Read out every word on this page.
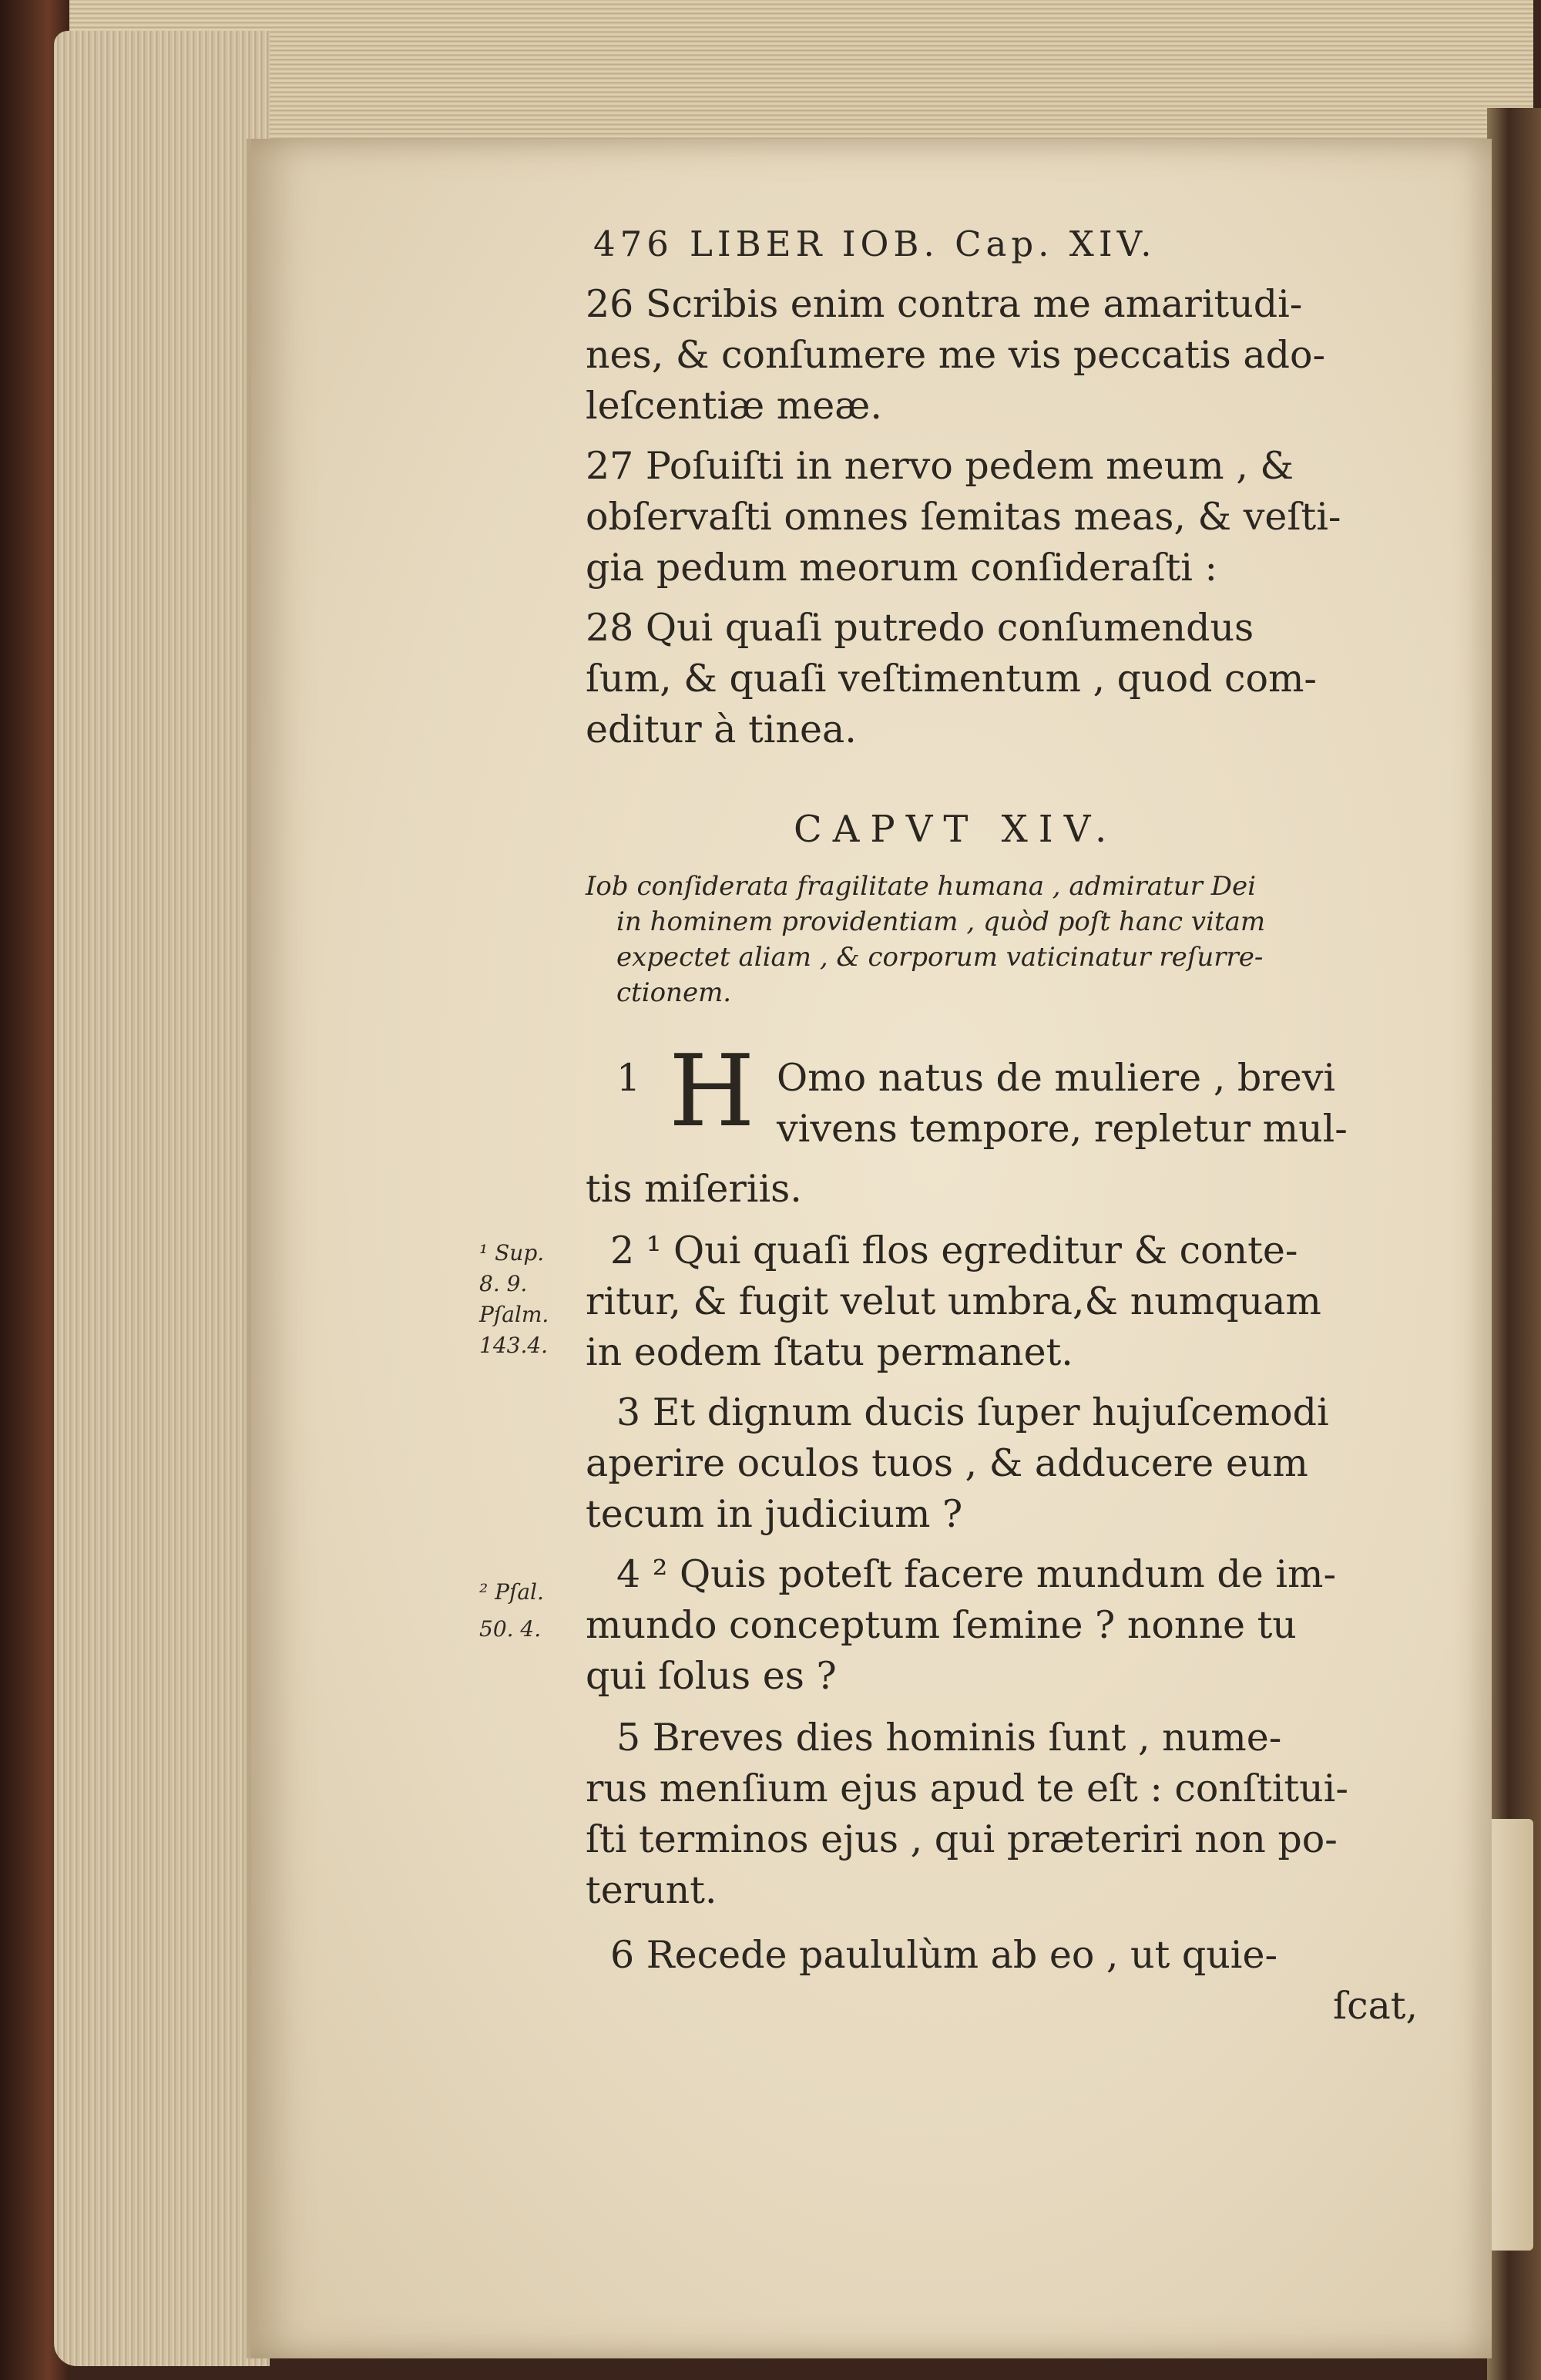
476 LIBER IOB. Cap. XIV.
26 Scribis enim contra me amaritudi-
nes, & conſumere me vis peccatis ado-
leſcentiæ meæ.
27 Poſuiſti in nervo pedem meum , &
obſervaſti omnes ſemitas meas, & veſti-
gia pedum meorum conſideraſti :
28 Qui quaſi putredo conſumendus
ſum, & quaſi veſtimentum , quod com-
editur à tinea.
CAPVT XIV.
Iob conſiderata fragilitate humana , admiratur Dei
in hominem providentiam , quòd poſt hanc vitam
expectet aliam , & corporum vaticinatur reſurre-
ctionem.
1 H Omo natus de muliere , brevi
vivens tempore, repletur mul-
tis miſeriis.
2 ¹ Qui quaſi flos egreditur & conte-
ritur, & fugit velut umbra,& numquam
in eodem ſtatu permanet.
3 Et dignum ducis ſuper hujuſcemodi
aperire oculos tuos , & adducere eum
tecum in judicium ?
4 ² Quis poteſt facere mundum de im-
mundo conceptum ſemine ? nonne tu
qui ſolus es ?
5 Breves dies hominis ſunt , nume-
rus menſium ejus apud te eſt : conſtitui-
ſti terminos ejus , qui præteriri non po-
terunt.
6 Recede paululùm ab eo , ut quie-
ſcat,
¹ Sup.
8. 9.
Pſalm.
143.4.
² Pſal.
50. 4.
